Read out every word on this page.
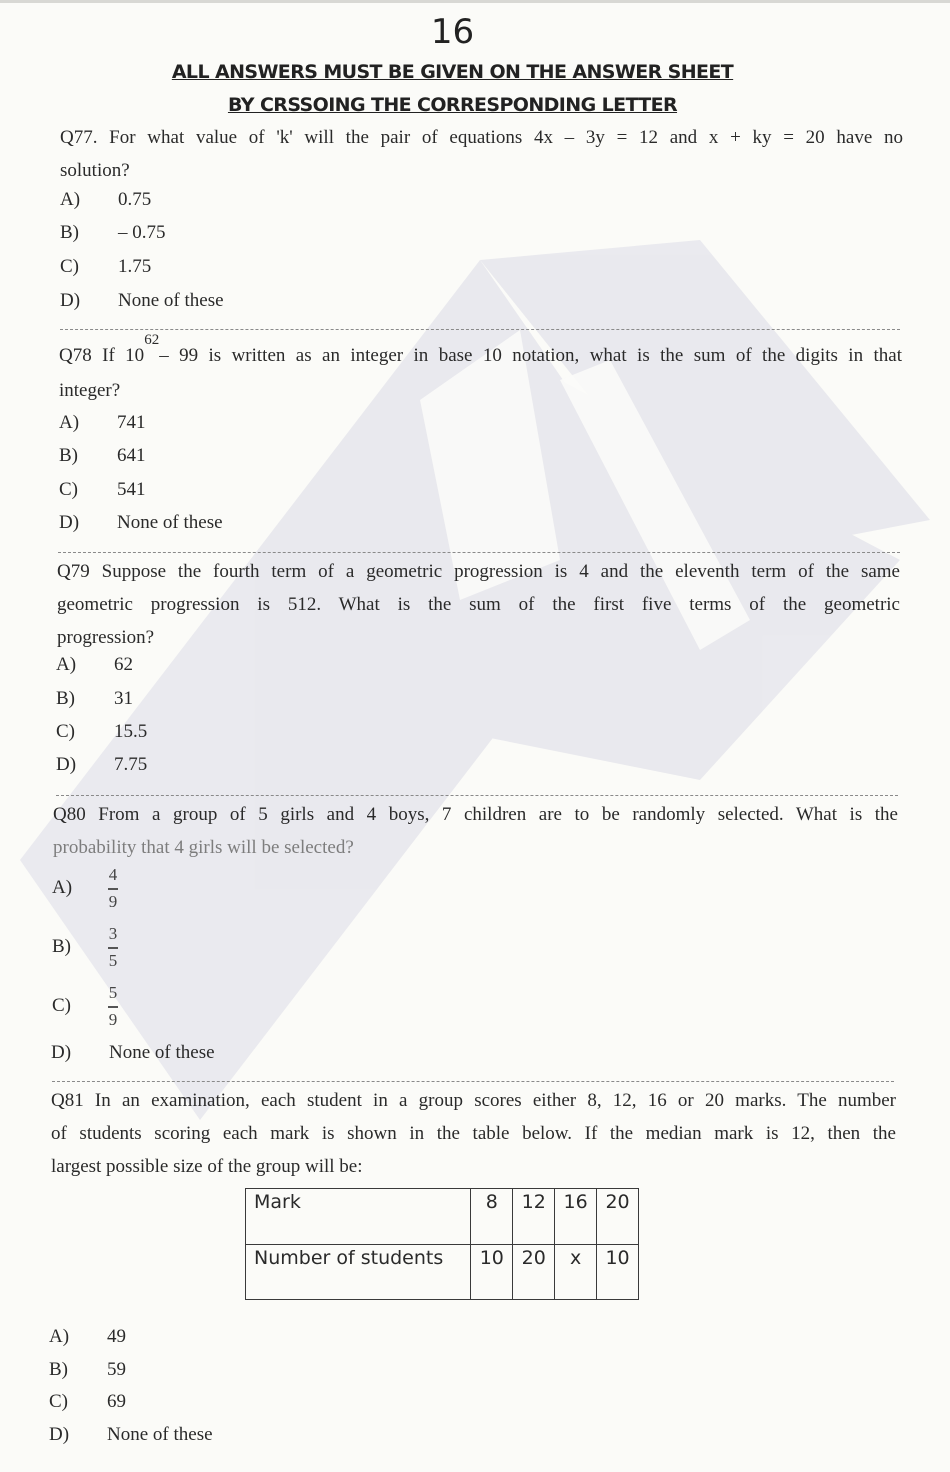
16
ALL ANSWERS MUST BE GIVEN ON THE ANSWER SHEET
BY CRSSOING THE CORRESPONDING LETTER
Q77. For what value of 'k' will the pair of equations 4x – 3y = 12 and x + ky = 20 have no
solution?
A) 0.75
B) – 0.75
C) 1.75
D) None of these
Q78 If $10^{62}-$ 99 is written as an integer in base 10 notation, what is the sum of the digits in that
integer?
A) 741
B) 641
C) 541
D) None of these
Q79 Suppose the fourth term of a geometric progression is 4 and the eleventh term of the same
geometric progression is 512. What is the sum of the first five terms of the geometric
progression?
A) 62
B) 31
C) 15.5
D) 7.75
Q80 From a group of 5 girls and 4 boys, 7 children are to be randomly selected. What is the
probability that 4 girls will be selected?
$A) \frac{4}{9}$
$B) \frac{3}{5}$
$C) \frac{5}{9}$
D) None of these
Q81 In an examination, each student in a group scores either 8, 12, 16 or 20 marks. The number
of students scoring each mark is shown in the table below. If the median mark is 12, then the
largest possible size of the group will be:
Mark	8	12	16	20
Number of students	10	20	x	10
A) 49
B) 59
C) 69
D) None of these
